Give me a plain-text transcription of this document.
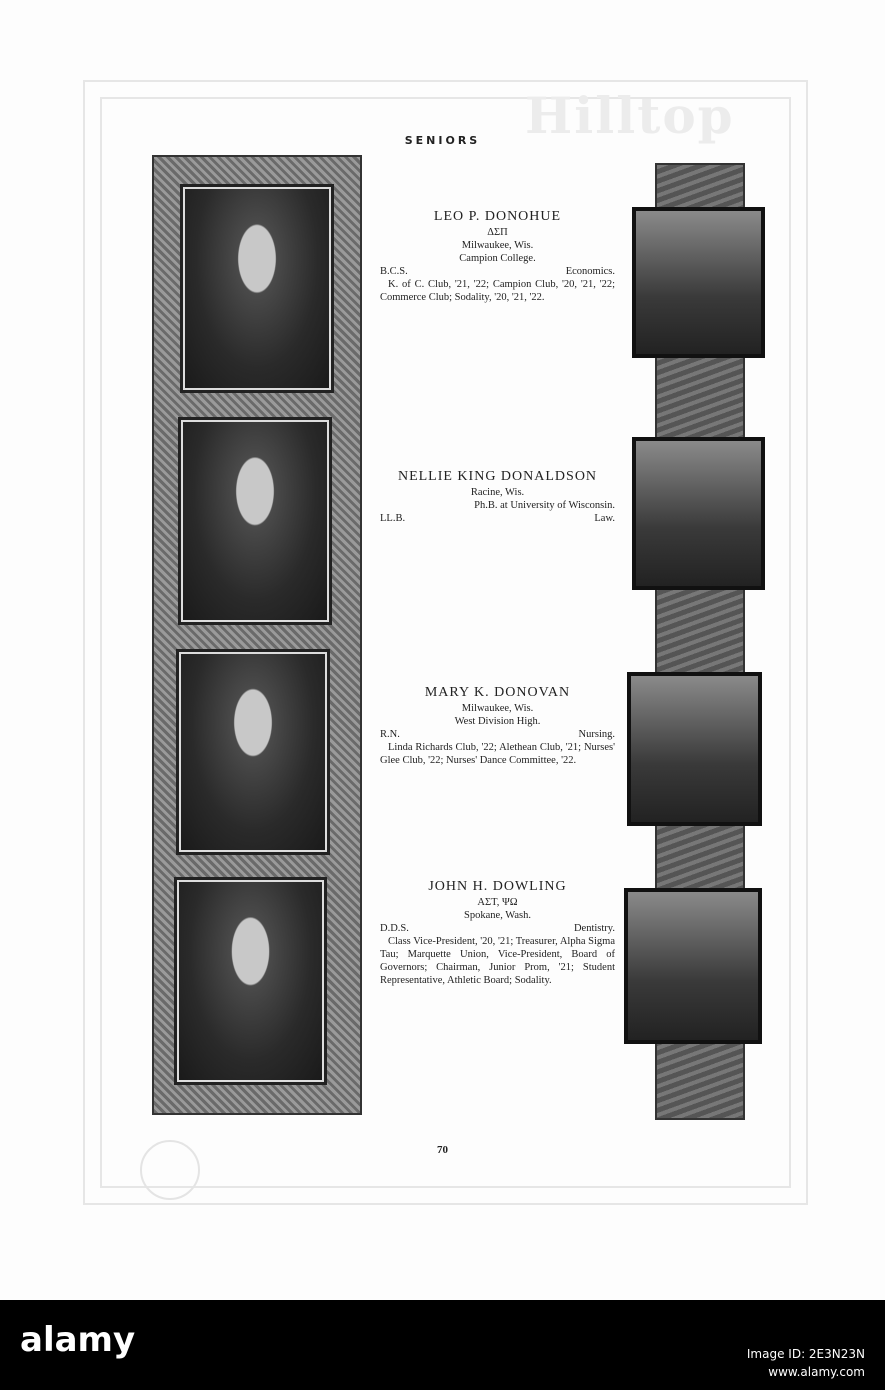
Hilltop
SENIORS
LEO P. DONOHUE
ΔΣΠ
Milwaukee, Wis.
Campion College.
B.C.S.	Economics.
K. of C. Club, '21, '22; Campion Club, '20, '21, '22; Commerce Club; Sodality, '20, '21, '22.
NELLIE KING DONALDSON
Racine, Wis.
Ph.B. at University of Wisconsin.
LL.B.	Law.
MARY K. DONOVAN
Milwaukee, Wis.
West Division High.
R.N.	Nursing.
Linda Richards Club, '22; Alethean Club, '21; Nurses' Glee Club, '22; Nurses' Dance Committee, '22.
JOHN H. DOWLING
ΑΣΤ, ΨΩ
Spokane, Wash.
D.D.S.	Dentistry.
Class Vice-President, '20, '21; Treasurer, Alpha Sigma Tau; Marquette Union, Vice-President, Board of Governors; Chairman, Junior Prom, '21; Student Representative, Athletic Board; Sodality.
70
alamy	Image ID: 2E3N23N
www.alamy.com
